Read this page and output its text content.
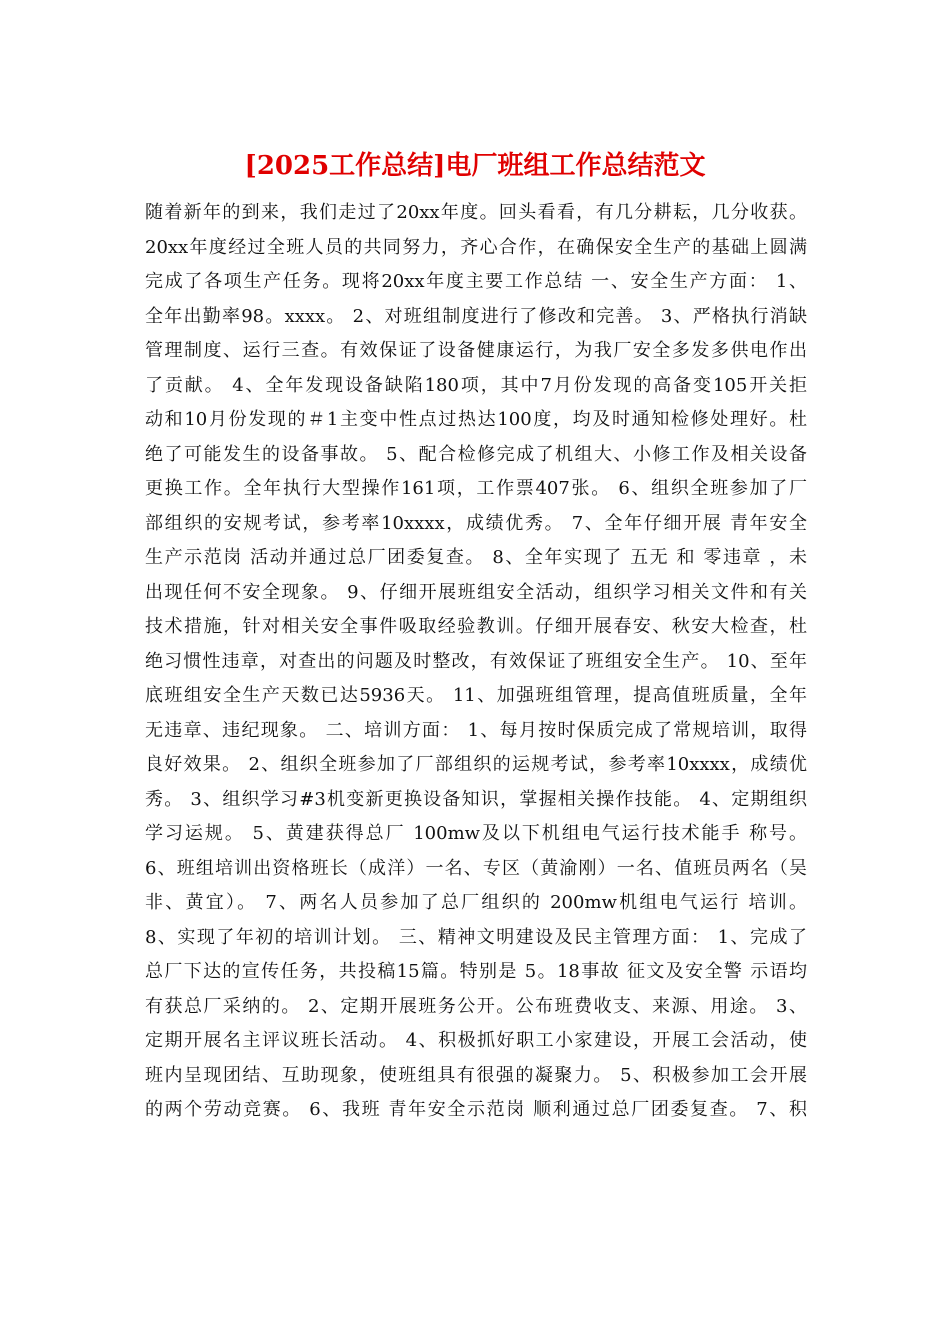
[2025工作总结]电厂班组工作总结范文
随着新年的到来，我们走过了20xx年度。回头看看，有几分耕耘，几分收获。
20xx年度经过全班人员的共同努力，齐心合作，在确保安全生产的基础上圆满
完成了各项生产任务。现将20xx年度主要工作总结 一、安全生产方面： 1、
全年出勤率98。xxxx。 2、对班组制度进行了修改和完善。 3、严格执行消缺
管理制度、运行三查。有效保证了设备健康运行，为我厂安全多发多供电作出
了贡献。 4、全年发现设备缺陷180项，其中7月份发现的高备变105开关拒
动和10月份发现的＃1主变中性点过热达100度，均及时通知检修处理好。杜
绝了可能发生的设备事故。 5、配合检修完成了机组大、小修工作及相关设备
更换工作。全年执行大型操作161项，工作票407张。 6、组织全班参加了厂
部组织的安规考试，参考率10xxxx，成绩优秀。 7、全年仔细开展 青年安全
生产示范岗 活动并通过总厂团委复查。 8、全年实现了 五无 和 零违章 ，未
出现任何不安全现象。 9、仔细开展班组安全活动，组织学习相关文件和有关
技术措施，针对相关安全事件吸取经验教训。仔细开展春安、秋安大检查，杜
绝习惯性违章，对查出的问题及时整改，有效保证了班组安全生产。 10、至年
底班组安全生产天数已达5936天。 11、加强班组管理，提高值班质量，全年
无违章、违纪现象。 二、培训方面： 1、每月按时保质完成了常规培训，取得
良好效果。 2、组织全班参加了厂部组织的运规考试，参考率10xxxx，成绩优
秀。 3、组织学习#3机变新更换设备知识，掌握相关操作技能。 4、定期组织
学习运规。 5、黄建获得总厂 100mw及以下机组电气运行技术能手 称号。
6、班组培训出资格班长（成洋）一名、专区（黄渝刚）一名、值班员两名（吴
非、黄宜）。 7、两名人员参加了总厂组织的 200mw机组电气运行 培训。
8、实现了年初的培训计划。 三、精神文明建设及民主管理方面： 1、完成了
总厂下达的宣传任务，共投稿15篇。特别是 5。18事故 征文及安全警 示语均
有获总厂采纳的。 2、定期开展班务公开。公布班费收支、来源、用途。 3、
定期开展名主评议班长活动。 4、积极抓好职工小家建设，开展工会活动，使
班内呈现团结、互助现象，使班组具有很强的凝聚力。 5、积极参加工会开展
的两个劳动竞赛。 6、我班 青年安全示范岗 顺利通过总厂团委复查。 7、积
